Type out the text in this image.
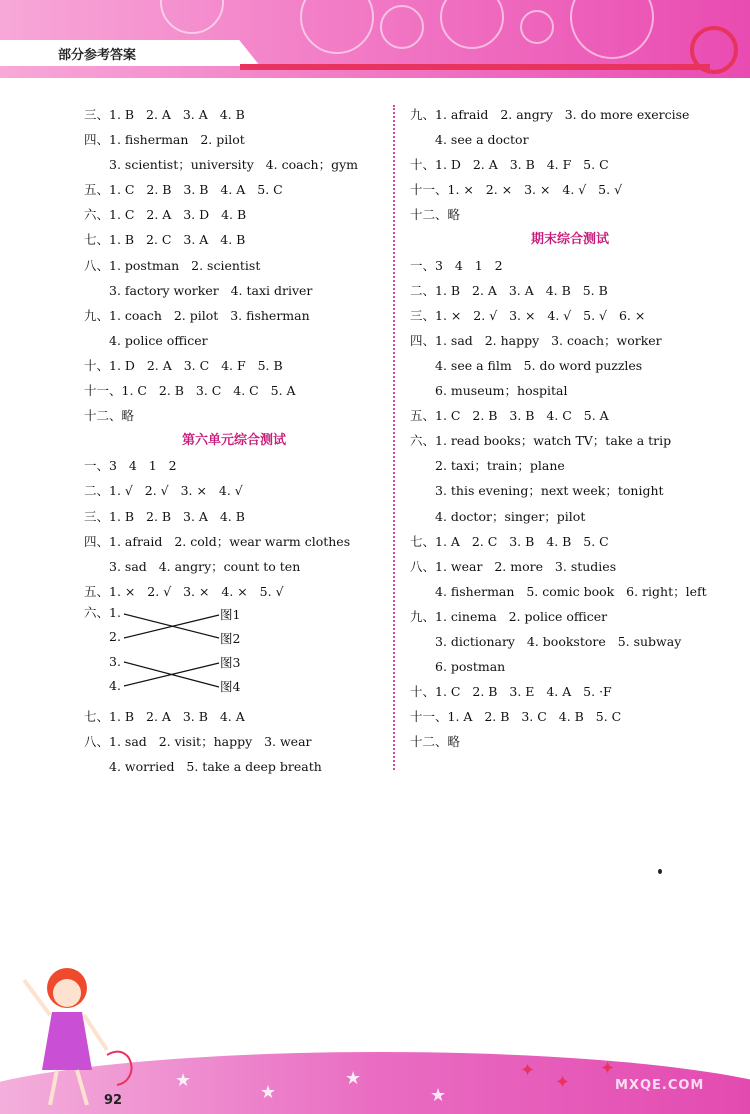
部分参考答案
三、1. B   2. A   3. A   4. B
四、1. fisherman   2. pilot
3. scientist；university   4. coach；gym
五、1. C   2. B   3. B   4. A   5. C
六、1. C   2. A   3. D   4. B
七、1. B   2. C   3. A   4. B
八、1. postman   2. scientist
3. factory worker   4. taxi driver
九、1. coach   2. pilot   3. fisherman
4. police officer
十、1. D   2. A   3. C   4. F   5. B
十一、1. C   2. B   3. C   4. C   5. A
十二、略
第六单元综合测试
一、3   4   1   2
二、1. √   2. √   3. ×   4. √
三、1. B   2. B   3. A   4. B
四、1. afraid   2. cold；wear warm clothes
3. sad   4. angry；count to ten
五、1. ×   2. √   3. ×   4. ×   5. √
六、 1.
2.
3.
4.
图1
图2
图3
图4
七、1. B   2. A   3. B   4. A
八、1. sad   2. visit；happy   3. wear
4. worried   5. take a deep breath
九、1. afraid   2. angry   3. do more exercise
4. see a doctor
十、1. D   2. A   3. B   4. F   5. C
十一、1. ×   2. ×   3. ×   4. √   5. √
十二、略
期末综合测试
一、3   4   1   2
二、1. B   2. A   3. A   4. B   5. B
三、1. ×   2. √   3. ×   4. √   5. √   6. ×
四、1. sad   2. happy   3. coach；worker
4. see a film   5. do word puzzles
6. museum；hospital
五、1. C   2. B   3. B   4. C   5. A
六、1. read books；watch TV；take a trip
2. taxi；train；plane
3. this evening；next week；tonight
4. doctor；singer；pilot
七、1. A   2. C   3. B   4. B   5. C
八、1. wear   2. more   3. studies
4. fisherman   5. comic book   6. right；left
九、1. cinema   2. police officer
3. dictionary   4. bookstore   5. subway
6. postman
十、1. C   2. B   3. E   4. A   5. ·F
十一、1. A   2. B   3. C   4. B   5. C
十二、略
★
★
★
★
✦
✦
✦
92
MXQE.COM
